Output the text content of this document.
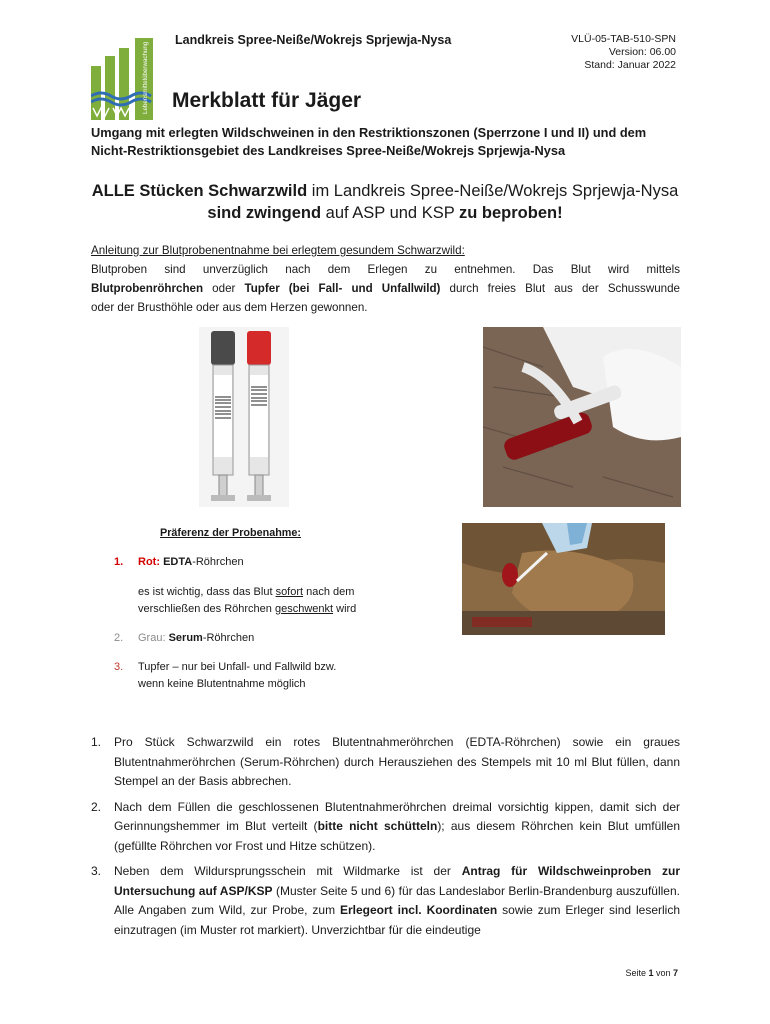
Landkreis Spree-Neiße/Wokrejs Sprjewja-Nysa	VLÜ-05-TAB-510-SPN
Version: 06.00
Stand: Januar 2022
Lebensmittelüberwachung Merkblatt für Jäger
Umgang mit erlegten Wildschweinen in den Restriktionszonen (Sperrzone I und II) und dem Nicht-Restriktionsgebiet des Landkreises Spree-Neiße/Wokrejs Sprjewja-Nysa
ALLE Stücken Schwarzwild im Landkreis Spree-Neiße/Wokrejs Sprjewja-Nysa
sind zwingend auf ASP und KSP zu beproben!
Anleitung zur Blutprobenentnahme bei erlegtem gesundem Schwarzwild:
Blutproben sind unverzüglich nach dem Erlegen zu entnehmen. Das Blut wird mittels
Blutprobenröhrchen oder Tupfer (bei Fall- und Unfallwild) durch freies Blut aus der Schusswunde
oder der Brusthöhle oder aus dem Herzen gewonnen.
Präferenz der Probenahme:
1. Rot: EDTA-Röhrchen
es ist wichtig, dass das Blut sofort nach dem
verschließen des Röhrchen geschwenkt wird
2. Grau: Serum-Röhrchen
3. Tupfer – nur bei Unfall- und Fallwild bzw.
wenn keine Blutentnahme möglich
1.	Pro Stück Schwarzwild ein rotes Blutentnahmeröhrchen (EDTA-Röhrchen) sowie ein graues Blutentnahmeröhrchen (Serum-Röhrchen) durch Herausziehen des Stempels mit 10 ml Blut füllen, dann Stempel an der Basis abbrechen.
2.	Nach dem Füllen die geschlossenen Blutentnahmeröhrchen dreimal vorsichtig kippen, damit sich der Gerinnungshemmer im Blut verteilt (bitte nicht schütteln); aus diesem Röhrchen kein Blut umfüllen (gefüllte Röhrchen vor Frost und Hitze schützen).
3.	Neben dem Wildursprungsschein mit Wildmarke ist der Antrag für Wildschweinproben zur Untersuchung auf ASP/KSP (Muster Seite 5 und 6) für das Landeslabor Berlin-Brandenburg auszufüllen. Alle Angaben zum Wild, zur Probe, zum Erlegeort incl. Koordinaten sowie zum Erleger sind leserlich einzutragen (im Muster rot markiert). Unverzichtbar für die eindeutige
Seite 1 von 7
